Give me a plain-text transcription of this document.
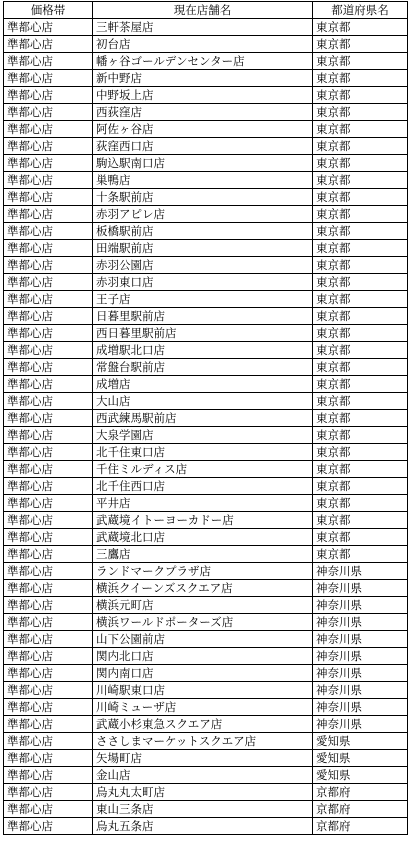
価格帯	現在店舗名	都道府県名
準都心店	三軒茶屋店	東京都
準都心店	初台店	東京都
準都心店	幡ヶ谷ゴールデンセンター店	東京都
準都心店	新中野店	東京都
準都心店	中野坂上店	東京都
準都心店	西荻窪店	東京都
準都心店	阿佐ヶ谷店	東京都
準都心店	荻窪西口店	東京都
準都心店	駒込駅南口店	東京都
準都心店	巣鴨店	東京都
準都心店	十条駅前店	東京都
準都心店	赤羽アピレ店	東京都
準都心店	板橋駅前店	東京都
準都心店	田端駅前店	東京都
準都心店	赤羽公園店	東京都
準都心店	赤羽東口店	東京都
準都心店	王子店	東京都
準都心店	日暮里駅前店	東京都
準都心店	西日暮里駅前店	東京都
準都心店	成増駅北口店	東京都
準都心店	常盤台駅前店	東京都
準都心店	成増店	東京都
準都心店	大山店	東京都
準都心店	西武練馬駅前店	東京都
準都心店	大泉学園店	東京都
準都心店	北千住東口店	東京都
準都心店	千住ミルディス店	東京都
準都心店	北千住西口店	東京都
準都心店	平井店	東京都
準都心店	武蔵境イトーヨーカドー店	東京都
準都心店	武蔵境北口店	東京都
準都心店	三鷹店	東京都
準都心店	ランドマークプラザ店	神奈川県
準都心店	横浜クイーンズスクエア店	神奈川県
準都心店	横浜元町店	神奈川県
準都心店	横浜ワールドポーターズ店	神奈川県
準都心店	山下公園前店	神奈川県
準都心店	関内北口店	神奈川県
準都心店	関内南口店	神奈川県
準都心店	川崎駅東口店	神奈川県
準都心店	川崎ミューザ店	神奈川県
準都心店	武蔵小杉東急スクエア店	神奈川県
準都心店	ささしまマーケットスクエア店	愛知県
準都心店	矢場町店	愛知県
準都心店	金山店	愛知県
準都心店	烏丸丸太町店	京都府
準都心店	東山三条店	京都府
準都心店	烏丸五条店	京都府
